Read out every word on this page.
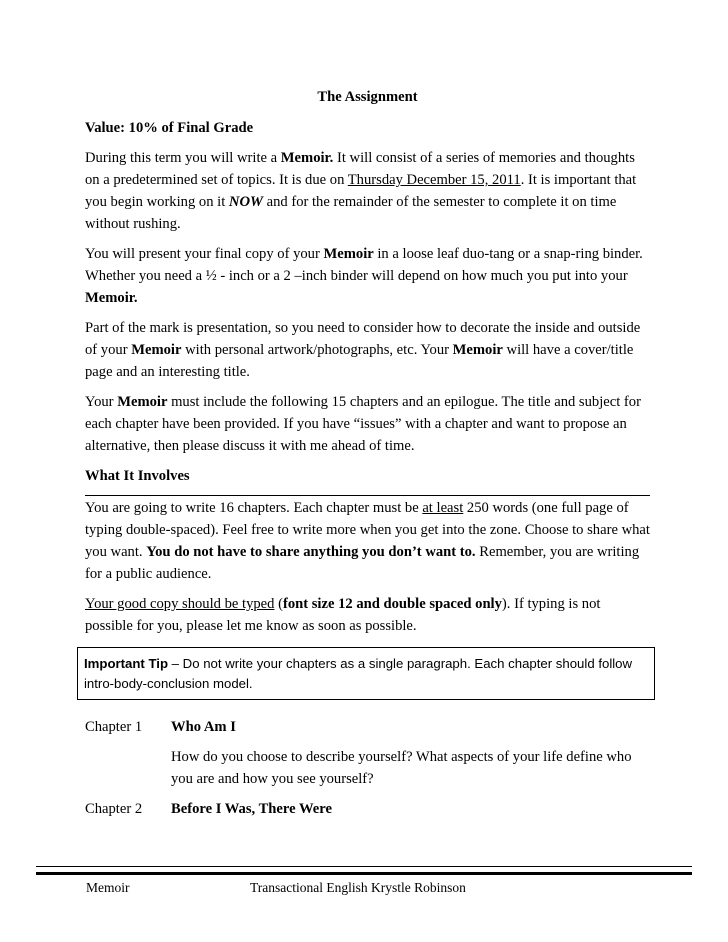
The Assignment
Value: 10% of Final Grade

During this term you will write a Memoir. It will consist of a series of memories and thoughts on a predetermined set of topics. It is due on Thursday December 15, 2011. It is important that you begin working on it NOW and for the remainder of the semester to complete it on time without rushing.

You will present your final copy of your Memoir in a loose leaf duo-tang or a snap-ring binder. Whether you need a ½ - inch or a 2 –inch binder will depend on how much you put into your Memoir.

Part of the mark is presentation, so you need to consider how to decorate the inside and outside of your Memoir with personal artwork/photographs, etc. Your Memoir will have a cover/title page and an interesting title.

Your Memoir must include the following 15 chapters and an epilogue. The title and subject for each chapter have been provided. If you have “issues” with a chapter and want to propose an alternative, then please discuss it with me ahead of time.

What It Involves

You are going to write 16 chapters. Each chapter must be at least 250 words (one full page of typing double-spaced). Feel free to write more when you get into the zone. Choose to share what you want. You do not have to share anything you don’t want to. Remember, you are writing for a public audience.

Your good copy should be typed (font size 12 and double spaced only). If typing is not possible for you, please let me know as soon as possible.

Important Tip – Do not write your chapters as a single paragraph. Each chapter should follow intro-body-conclusion model.
Chapter 1	Who Am I
How do you choose to describe yourself? What aspects of your life define who you are and how you see yourself?
Chapter 2	Before I Was, There Were
Memoir	Transactional English Krystle Robinson
